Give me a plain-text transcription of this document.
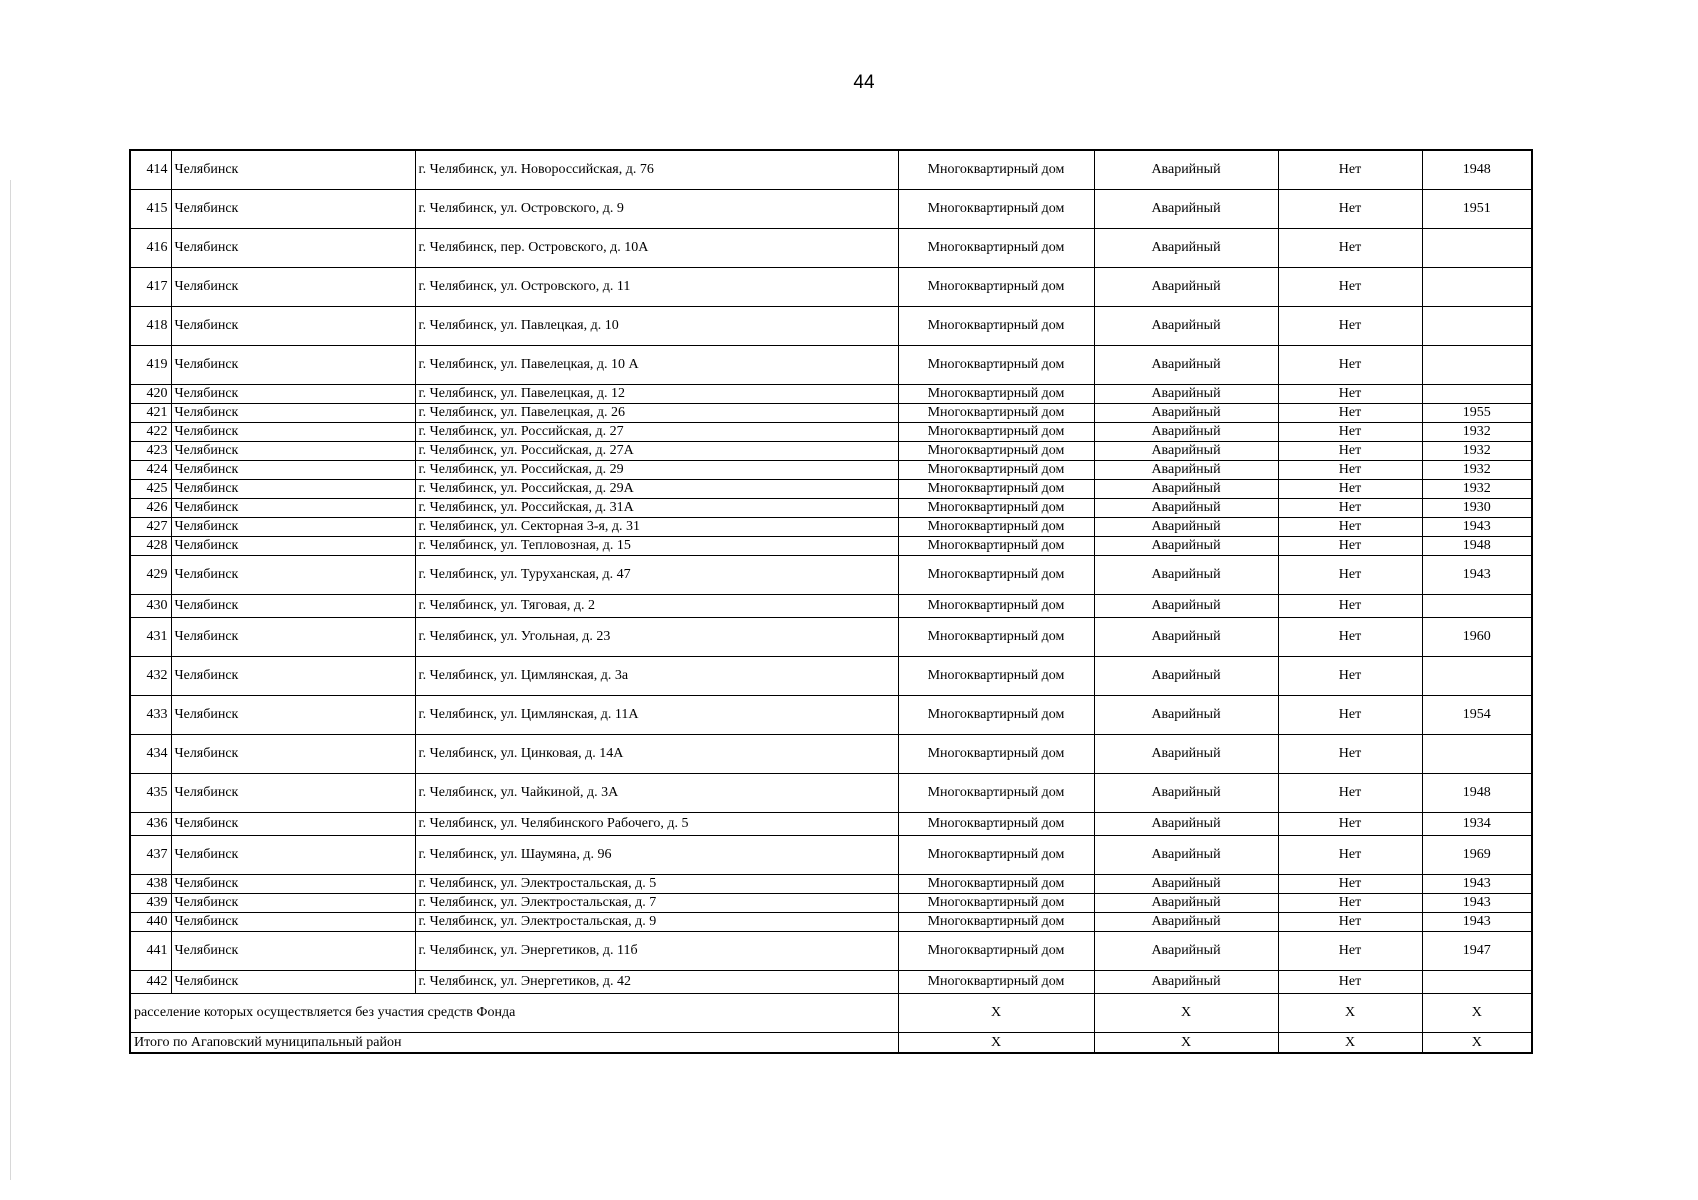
44
414	Челябинск	г. Челябинск, ул. Новороссийская, д. 76	Многоквартирный дом	Аварийный	Нет	1948
415	Челябинск	г. Челябинск, ул. Островского, д. 9	Многоквартирный дом	Аварийный	Нет	1951
416	Челябинск	г. Челябинск, пер. Островского, д. 10А	Многоквартирный дом	Аварийный	Нет	
417	Челябинск	г. Челябинск, ул. Островского, д. 11	Многоквартирный дом	Аварийный	Нет	
418	Челябинск	г. Челябинск, ул. Павлецкая, д. 10	Многоквартирный дом	Аварийный	Нет	
419	Челябинск	г. Челябинск, ул. Павелецкая, д. 10 А	Многоквартирный дом	Аварийный	Нет	
420	Челябинск	г. Челябинск, ул. Павелецкая, д. 12	Многоквартирный дом	Аварийный	Нет	
421	Челябинск	г. Челябинск, ул. Павелецкая, д. 26	Многоквартирный дом	Аварийный	Нет	1955
422	Челябинск	г. Челябинск, ул. Российская, д. 27	Многоквартирный дом	Аварийный	Нет	1932
423	Челябинск	г. Челябинск, ул. Российская, д. 27А	Многоквартирный дом	Аварийный	Нет	1932
424	Челябинск	г. Челябинск, ул. Российская, д. 29	Многоквартирный дом	Аварийный	Нет	1932
425	Челябинск	г. Челябинск, ул. Российская, д. 29А	Многоквартирный дом	Аварийный	Нет	1932
426	Челябинск	г. Челябинск, ул. Российская, д. 31А	Многоквартирный дом	Аварийный	Нет	1930
427	Челябинск	г. Челябинск, ул. Секторная 3-я, д. 31	Многоквартирный дом	Аварийный	Нет	1943
428	Челябинск	г. Челябинск, ул. Тепловозная, д. 15	Многоквартирный дом	Аварийный	Нет	1948
429	Челябинск	г. Челябинск, ул. Туруханская, д. 47	Многоквартирный дом	Аварийный	Нет	1943
430	Челябинск	г. Челябинск, ул. Тяговая, д. 2	Многоквартирный дом	Аварийный	Нет	
431	Челябинск	г. Челябинск, ул. Угольная, д. 23	Многоквартирный дом	Аварийный	Нет	1960
432	Челябинск	г. Челябинск, ул. Цимлянская, д. 3а	Многоквартирный дом	Аварийный	Нет	
433	Челябинск	г. Челябинск, ул. Цимлянская, д. 11А	Многоквартирный дом	Аварийный	Нет	1954
434	Челябинск	г. Челябинск, ул. Цинковая, д. 14А	Многоквартирный дом	Аварийный	Нет	
435	Челябинск	г. Челябинск, ул. Чайкиной, д. 3А	Многоквартирный дом	Аварийный	Нет	1948
436	Челябинск	г. Челябинск, ул. Челябинского Рабочего, д. 5	Многоквартирный дом	Аварийный	Нет	1934
437	Челябинск	г. Челябинск, ул. Шаумяна, д. 96	Многоквартирный дом	Аварийный	Нет	1969
438	Челябинск	г. Челябинск, ул. Электростальская, д. 5	Многоквартирный дом	Аварийный	Нет	1943
439	Челябинск	г. Челябинск, ул. Электростальская, д. 7	Многоквартирный дом	Аварийный	Нет	1943
440	Челябинск	г. Челябинск, ул. Электростальская, д. 9	Многоквартирный дом	Аварийный	Нет	1943
441	Челябинск	г. Челябинск, ул. Энергетиков, д. 11б	Многоквартирный дом	Аварийный	Нет	1947
442	Челябинск	г. Челябинск, ул. Энергетиков, д. 42	Многоквартирный дом	Аварийный	Нет	
расселение которых осуществляется без участия средств Фонда			Х	Х	Х	Х
Итого по Агаповский муниципальный район			Х	Х	Х	Х
